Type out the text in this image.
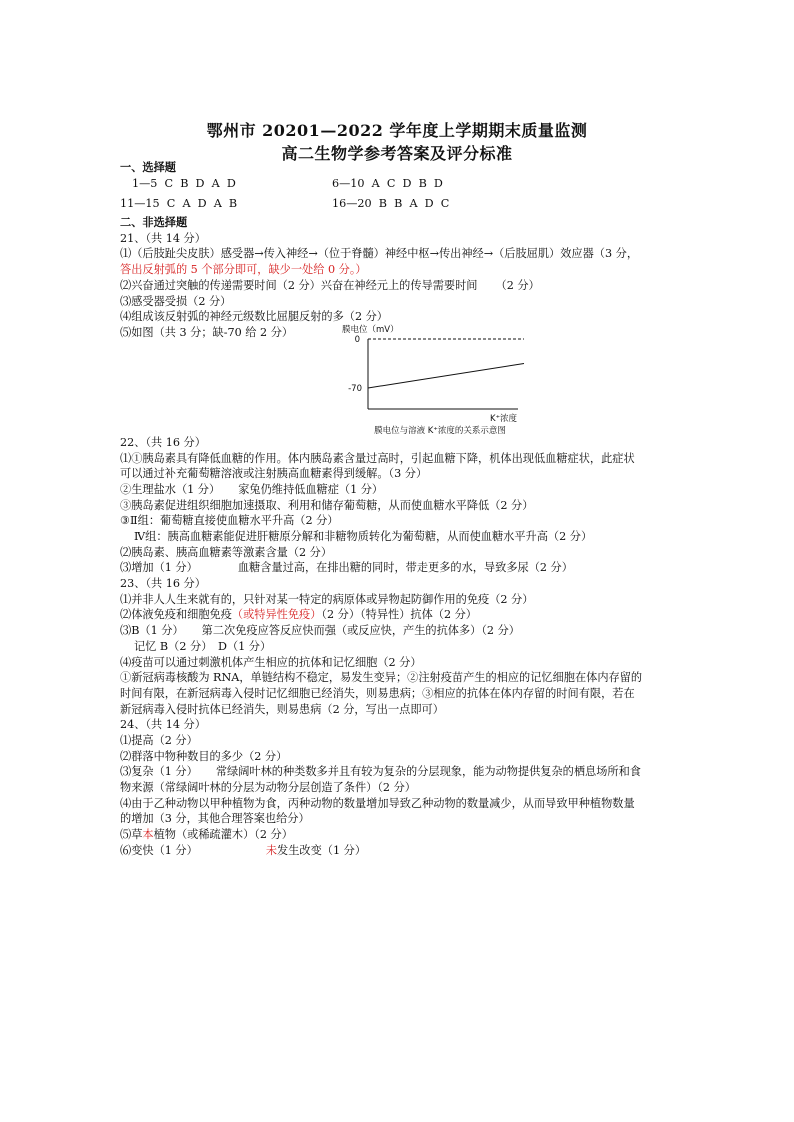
鄂州市 20201—2022 学年度上学期期末质量监测
高二生物学参考答案及评分标准
一、选择题
1—5  C  B  D  A  D	6—10  A  C  D  B  D
11—15  C  A  D  A  B	16—20  B  B  A  D  C
二、非选择题
21、（共 14 分）
⑴（后肢趾尖皮肤）感受器→传入神经→（位于脊髓）神经中枢→传出神经→（后肢屈肌）效应器（3 分，
答出反射弧的 5 个部分即可，缺少一处给 0 分。）
⑵兴奋通过突触的传递需要时间（2 分）兴奋在神经元上的传导需要时间 （2 分）
⑶感受器受损（2 分）
⑷组成该反射弧的神经元级数比屈腿反射的多（2 分）
⑸如图（共 3 分；缺-70 给 2 分）	膜电位（mV）
0
-70
K⁺浓度
膜电位与溶液 K⁺浓度的关系示意图
22、（共 16 分）
⑴①胰岛素具有降低血糖的作用。体内胰岛素含量过高时，引起血糖下降，机体出现低血糖症状，此症状
可以通过补充葡萄糖溶液或注射胰高血糖素得到缓解。（3 分）
②生理盐水（1 分） 家兔仍维持低血糖症（1 分）
③胰岛素促进组织细胞加速摄取、利用和储存葡萄糖，从而使血糖水平降低（2 分）
③Ⅱ组：葡萄糖直接使血糖水平升高（2 分）
Ⅳ组：胰高血糖素能促进肝糖原分解和非糖物质转化为葡萄糖，从而使血糖水平升高（2 分）
⑵胰岛素、胰高血糖素等激素含量（2 分）
⑶增加（1 分）	血糖含量过高，在排出糖的同时，带走更多的水，导致多尿（2 分）
23、（共 16 分）
⑴并非人人生来就有的，只针对某一特定的病原体或异物起防御作用的免疫（2 分）
⑵体液免疫和细胞免疫（或特异性免疫）（2 分）（特异性）抗体（2 分）
⑶B（1 分） 第二次免疫应答反应快而强（或反应快，产生的抗体多）（2 分）
记忆 B（2 分）　D（1 分）
⑷疫苗可以通过刺激机体产生相应的抗体和记忆细胞（2 分）
①新冠病毒核酸为 RNA，单链结构不稳定，易发生变异；②注射疫苗产生的相应的记忆细胞在体内存留的
时间有限，在新冠病毒入侵时记忆细胞已经消失，则易患病；③相应的抗体在体内存留的时间有限，若在
新冠病毒入侵时抗体已经消失，则易患病（2 分，写出一点即可）
24、（共 14 分）
⑴提高（2 分）
⑵群落中物种数目的多少（2 分）
⑶复杂（1 分） 常绿阔叶林的种类数多并且有较为复杂的分层现象，能为动物提供复杂的栖息场所和食
物来源（常绿阔叶林的分层为动物分层创造了条件）（2 分）
⑷由于乙种动物以甲种植物为食，丙种动物的数量增加导致乙种动物的数量减少，从而导致甲种植物数量
的增加（3 分，其他合理答案也给分）
⑸草本植物（或稀疏灌木）（2 分）
⑹变快（1 分）	未发生改变（1 分）
